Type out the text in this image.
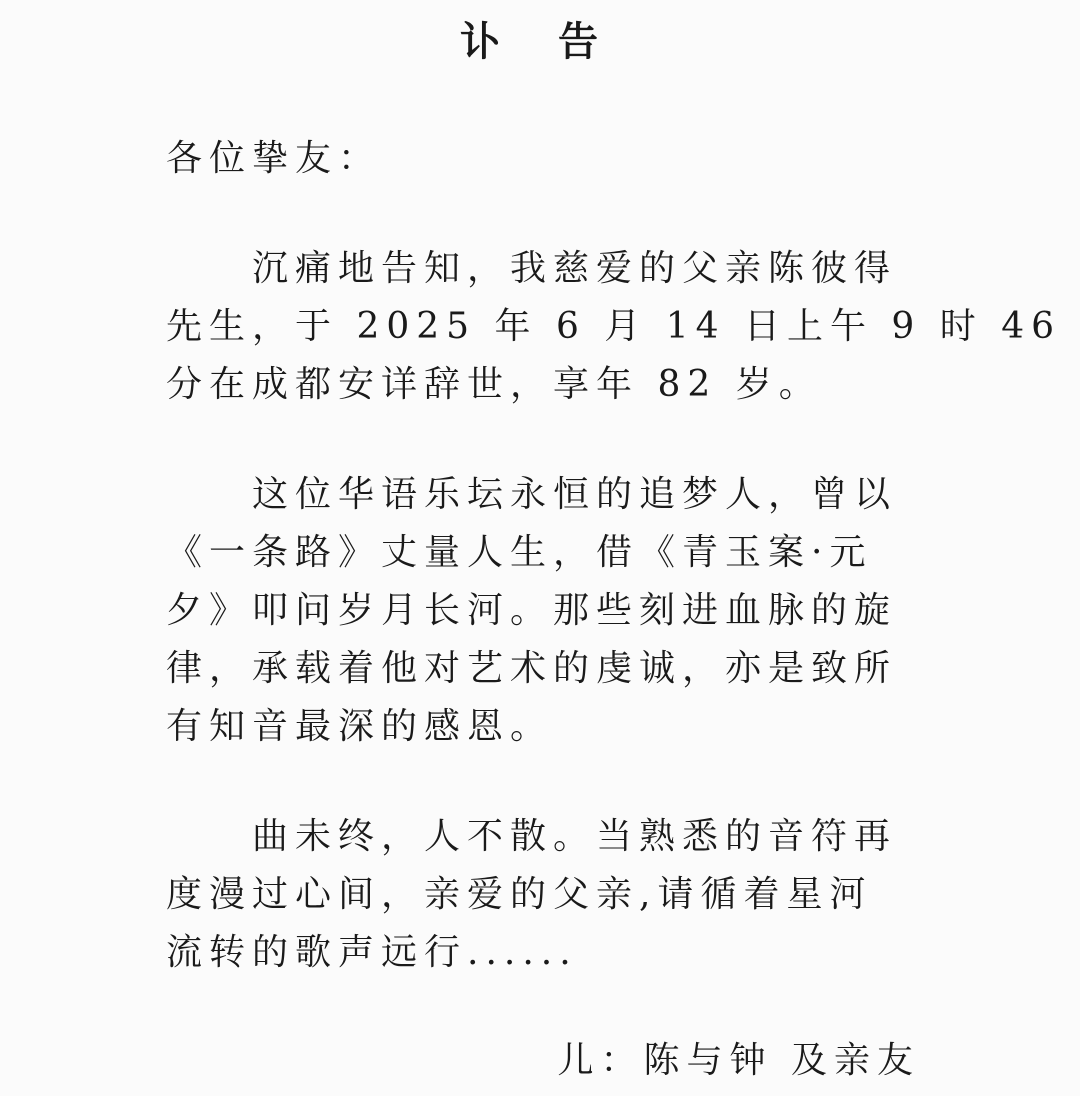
讣 告
各位挚友：
　　沉痛地告知，我慈爱的父亲陈彼得
先生，于 2025 年 6 月 14 日上午 9 时 46
分在成都安详辞世，享年 82 岁。
　　这位华语乐坛永恒的追梦人，曾以
《一条路》丈量人生，借《青玉案·元
夕》叩问岁月长河。那些刻进血脉的旋
律，承载着他对艺术的虔诚，亦是致所
有知音最深的感恩。
　　曲未终，人不散。当熟悉的音符再
度漫过心间，亲爱的父亲,请循着星河
流转的歌声远行......
儿：陈与钟 及亲友
